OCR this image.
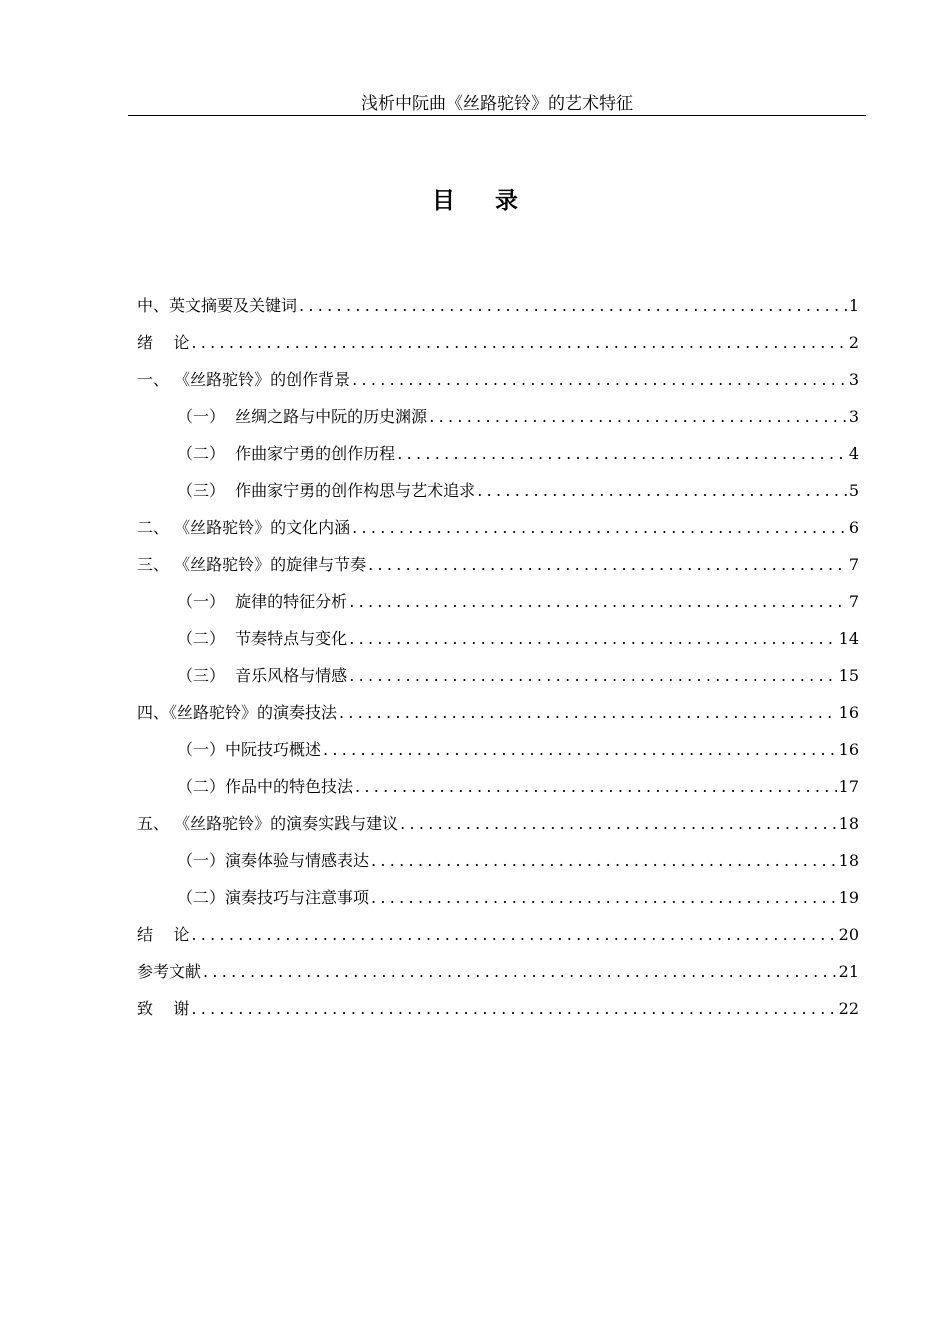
浅析中阮曲《丝路驼铃》的艺术特征
目录
中、英文摘要及关键词 .....	1
绪    论 .....	2
一、 《丝路驼铃》的创作背景 .....	3
（一）  丝绸之路与中阮的历史渊源 .....	3
（二）  作曲家宁勇的创作历程 .....	4
（三）  作曲家宁勇的创作构思与艺术追求 .....	5
二、 《丝路驼铃》的文化内涵 .....	6
三、 《丝路驼铃》的旋律与节奏 .....	7
（一）  旋律的特征分析 .....	7
（二）  节奏特点与变化 .....	14
（三）  音乐风格与情感 .....	15
四、《丝路驼铃》的演奏技法 .....	16
（一）中阮技巧概述 .....	16
（二）作品中的特色技法 .....	17
五、 《丝路驼铃》的演奏实践与建议 .....	18
（一）演奏体验与情感表达 .....	18
（二）演奏技巧与注意事项 .....	19
结    论 .....	20
参考文献 .....	21
致    谢 .....	22
